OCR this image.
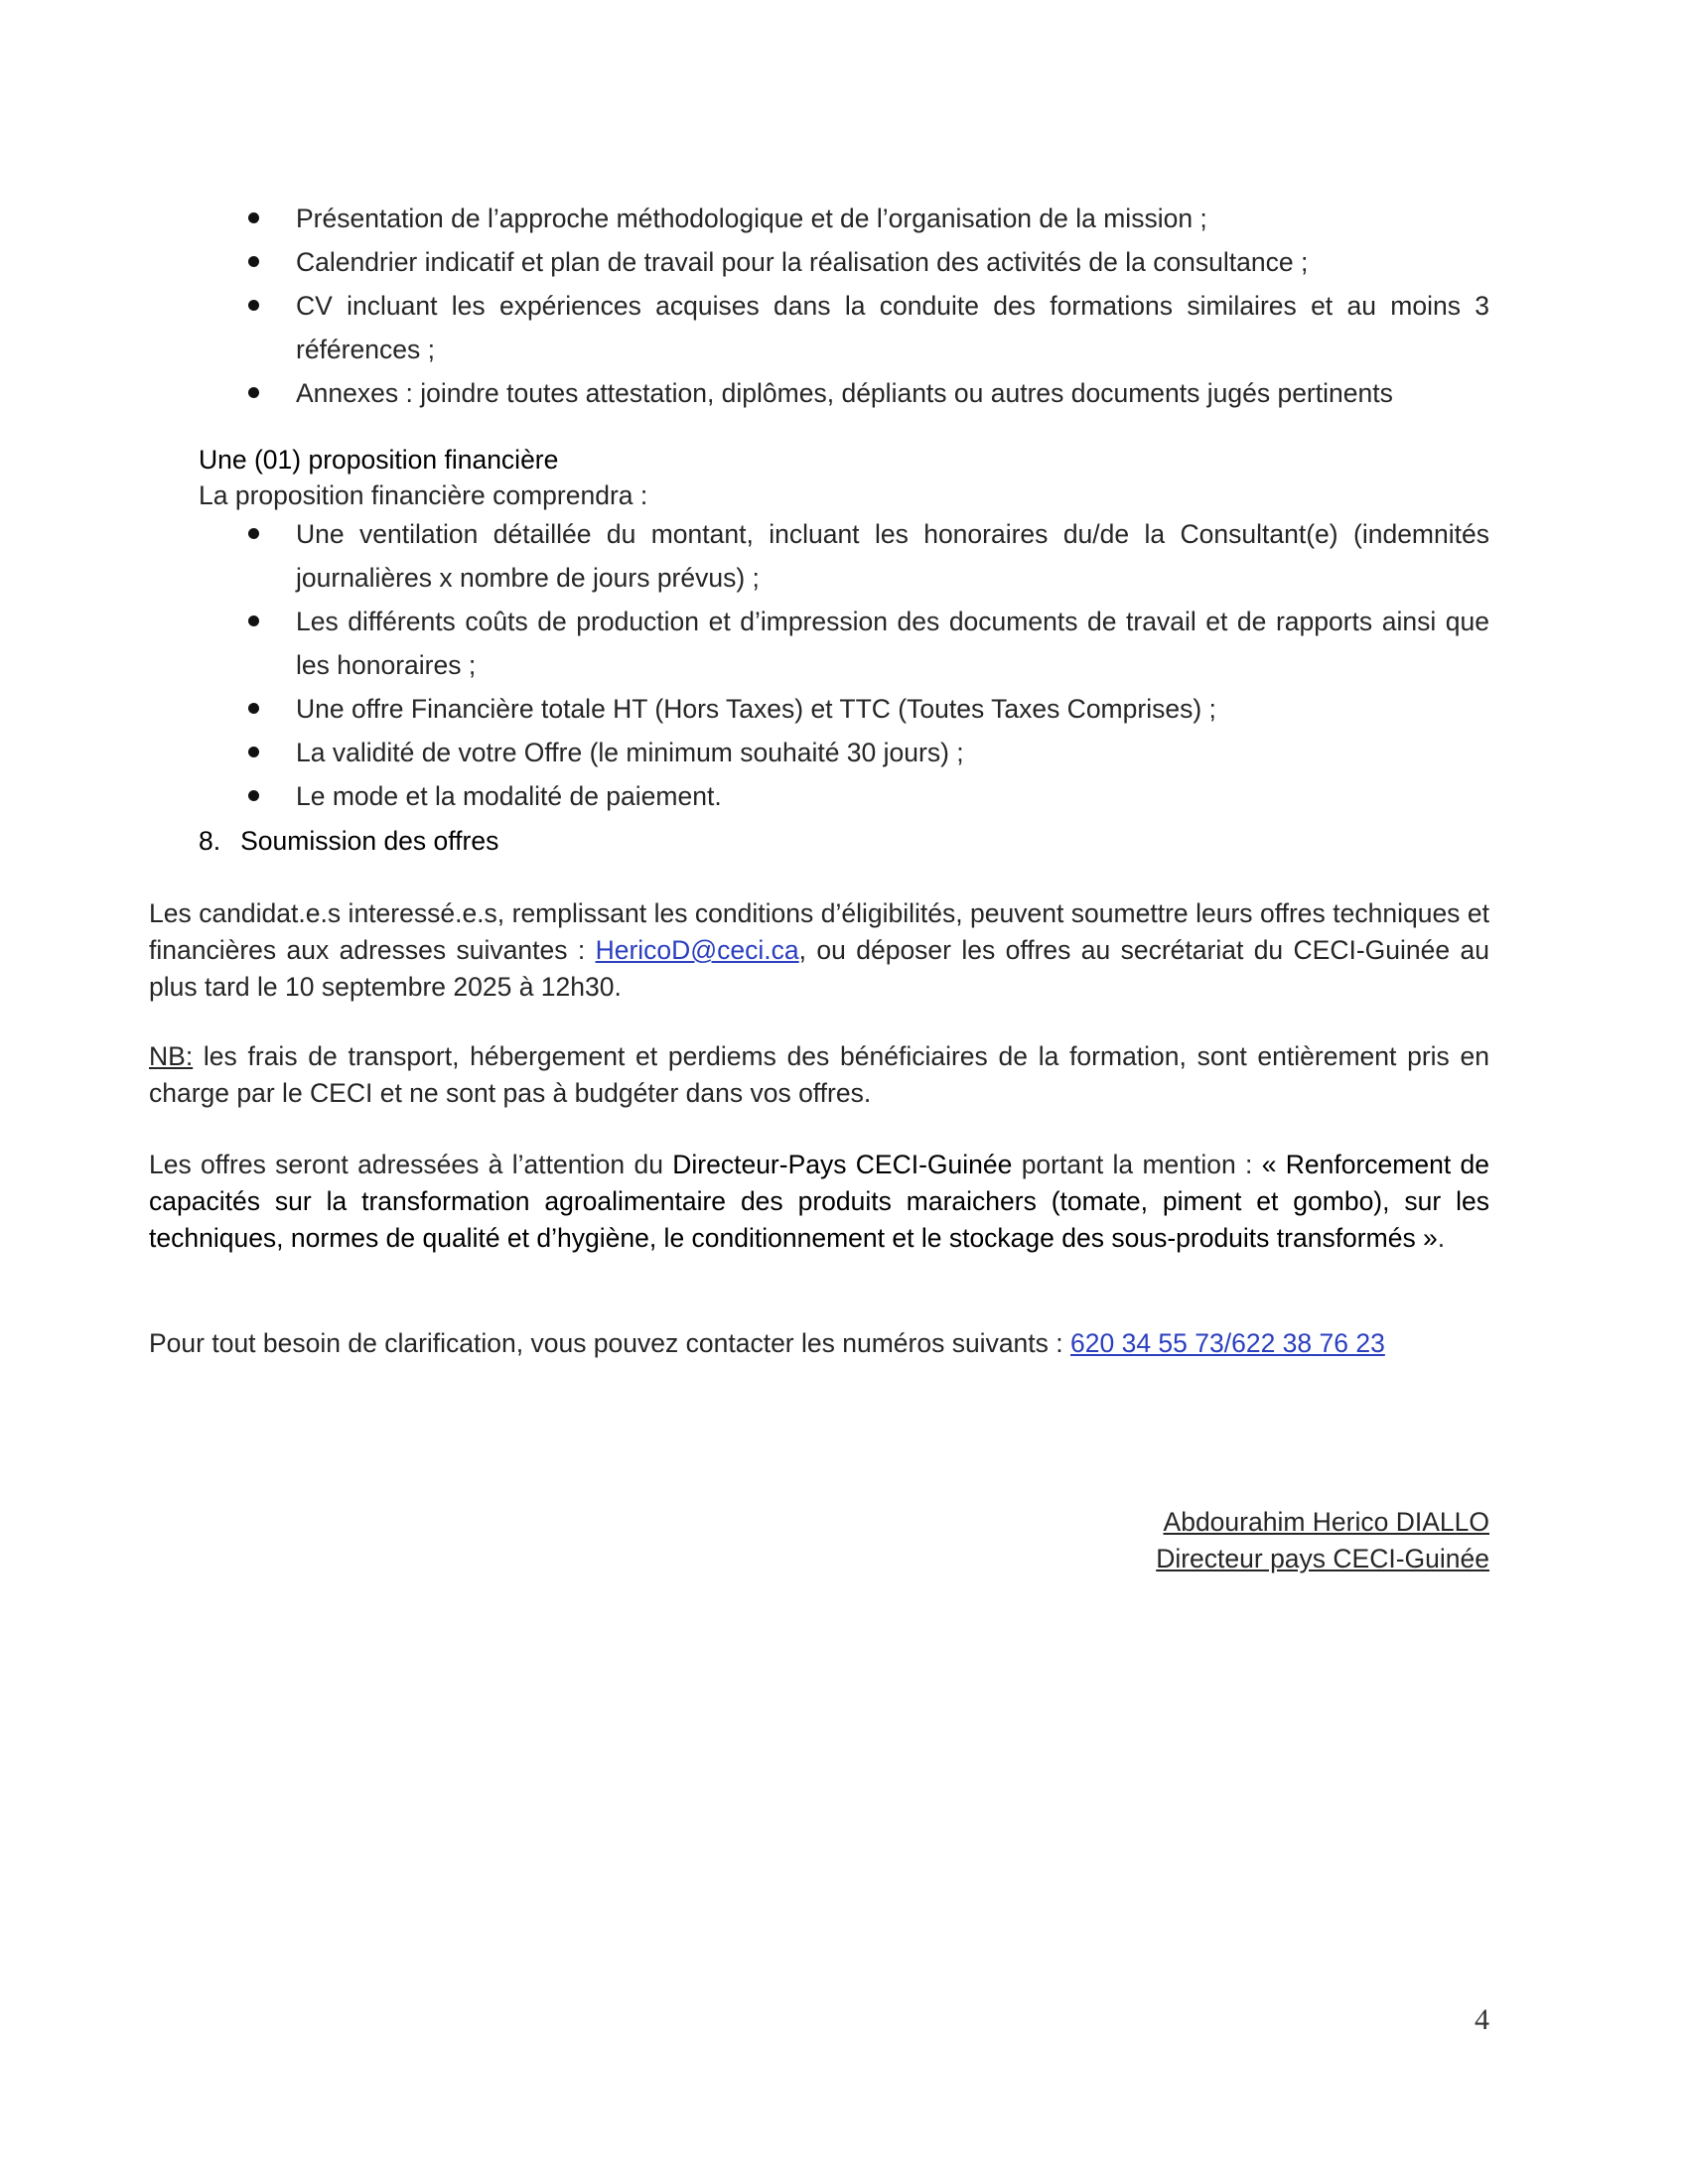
Présentation de l’approche méthodologique et de l’organisation de la mission ;
Calendrier indicatif et plan de travail pour la réalisation des activités de la consultance ;
CV incluant les expériences acquises dans la conduite des formations similaires et au moins 3 références ;
Annexes : joindre toutes attestation, diplômes, dépliants ou autres documents jugés pertinents

Une (01) proposition financière

La proposition financière comprendra :

Une ventilation détaillée du montant, incluant les honoraires du/de la Consultant(e) (indemnités journalières x nombre de jours prévus) ;
Les différents coûts de production et d’impression des documents de travail et de rapports ainsi que les honoraires ;
Une offre Financière totale HT (Hors Taxes) et TTC (Toutes Taxes Comprises) ;
La validité de votre Offre (le minimum souhaité 30 jours) ;
Le mode et la modalité de paiement.

8. Soumission des offres

Les candidat.e.s interessé.e.s, remplissant les conditions d’éligibilités, peuvent soumettre leurs offres techniques et financières aux adresses suivantes : HericoD@ceci.ca, ou déposer les offres au secrétariat du CECI-Guinée au plus tard le 10 septembre 2025 à 12h30.

NB: les frais de transport, hébergement et perdiems des bénéficiaires de la formation, sont entièrement pris en charge par le CECI et ne sont pas à budgéter dans vos offres.

Les offres seront adressées à l’attention du Directeur-Pays CECI-Guinée portant la mention : « Renforcement de capacités sur la transformation agroalimentaire des produits maraichers (tomate, piment et gombo), sur les techniques, normes de qualité et d’hygiène, le conditionnement et le stockage des sous-produits transformés ».

Pour tout besoin de clarification, vous pouvez contacter les numéros suivants : 620 34 55 73/622 38 76 23

Abdourahim Herico DIALLO

Directeur pays CECI-Guinée

4
